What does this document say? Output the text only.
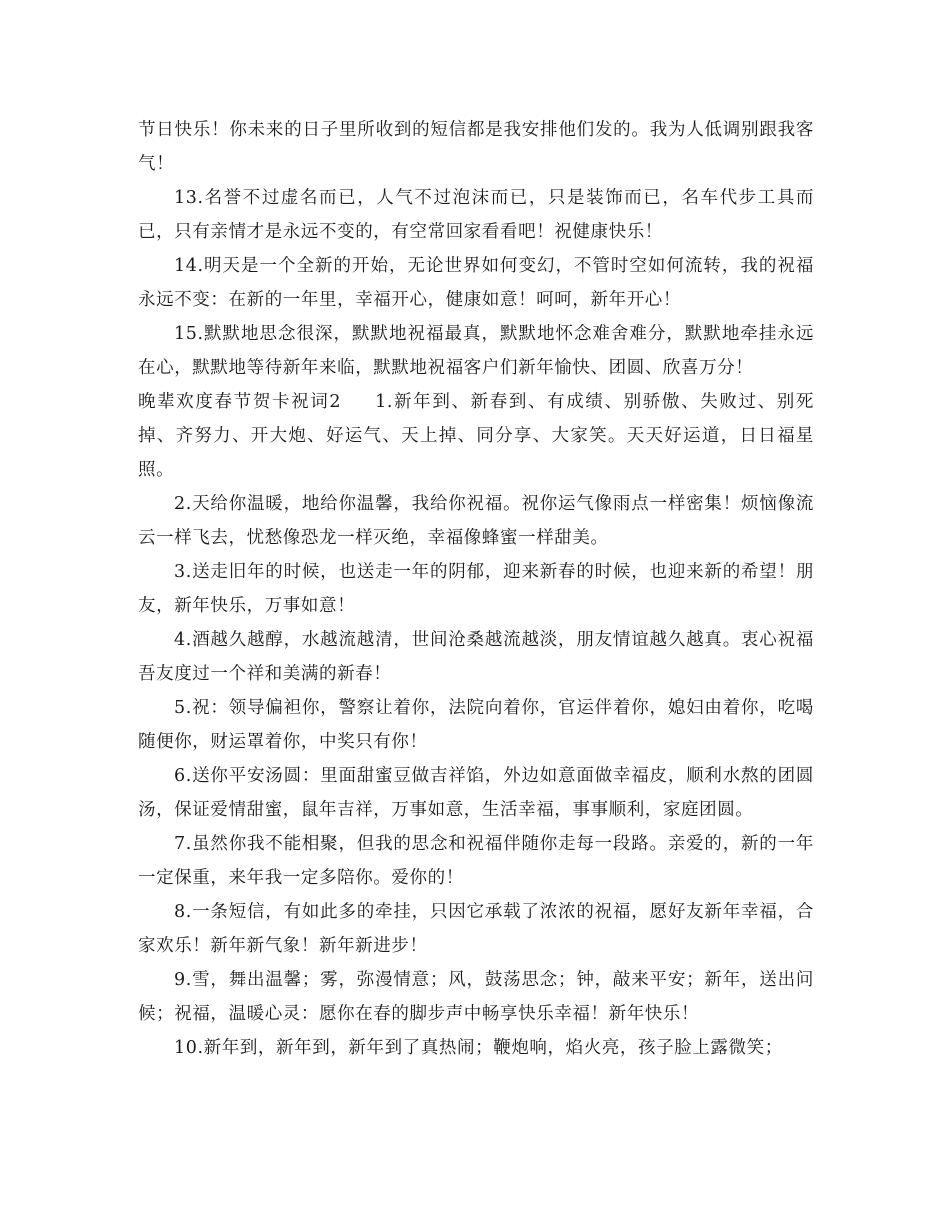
节日快乐！你未来的日子里所收到的短信都是我安排他们发的。我为人低调别跟我客气！

13.名誉不过虚名而已，人气不过泡沫而已，只是装饰而已，名车代步工具而已，只有亲情才是永远不变的，有空常回家看看吧！祝健康快乐！

14.明天是一个全新的开始，无论世界如何变幻，不管时空如何流转，我的祝福永远不变：在新的一年里，幸福开心，健康如意！呵呵，新年开心！

15.默默地思念很深，默默地祝福最真，默默地怀念难舍难分，默默地牵挂永远在心，默默地等待新年来临，默默地祝福客户们新年愉快、团圆、欣喜万分！

晚辈欢度春节贺卡祝词2 1.新年到、新春到、有成绩、别骄傲、失败过、别死掉、齐努力、开大炮、好运气、天上掉、同分享、大家笑。天天好运道，日日福星照。

2.天给你温暖，地给你温馨，我给你祝福。祝你运气像雨点一样密集！烦恼像流云一样飞去，忧愁像恐龙一样灭绝，幸福像蜂蜜一样甜美。

3.送走旧年的时候，也送走一年的阴郁，迎来新春的时候，也迎来新的希望！朋友，新年快乐，万事如意！

4.酒越久越醇，水越流越清，世间沧桑越流越淡，朋友情谊越久越真。衷心祝福吾友度过一个祥和美满的新春！

5.祝：领导偏袒你，警察让着你，法院向着你，官运伴着你，媳妇由着你，吃喝随便你，财运罩着你，中奖只有你！

6.送你平安汤圆：里面甜蜜豆做吉祥馅，外边如意面做幸福皮，顺利水熬的团圆汤，保证爱情甜蜜，鼠年吉祥，万事如意，生活幸福，事事顺利，家庭团圆。

7.虽然你我不能相聚，但我的思念和祝福伴随你走每一段路。亲爱的，新的一年一定保重，来年我一定多陪你。爱你的！

8.一条短信，有如此多的牵挂，只因它承载了浓浓的祝福，愿好友新年幸福，合家欢乐！新年新气象！新年新进步！

9.雪，舞出温馨；雾，弥漫情意；风，鼓荡思念；钟，敲来平安；新年，送出问候；祝福，温暖心灵：愿你在春的脚步声中畅享快乐幸福！新年快乐！

10.新年到，新年到，新年到了真热闹；鞭炮响，焰火亮，孩子脸上露微笑；
